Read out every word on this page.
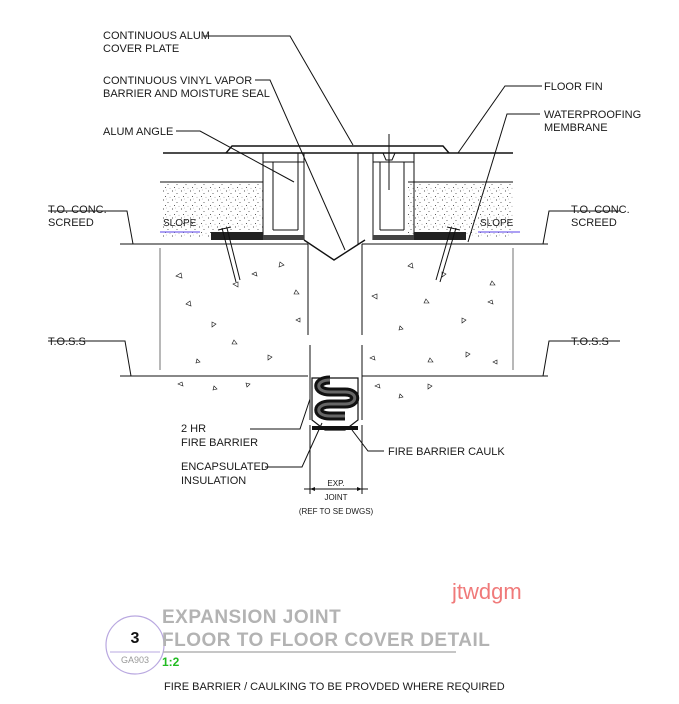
SLOPE	SLOPE
CONTINUOUS ALUM
COVER PLATE
CONTINUOUS VINYL VAPOR
BARRIER AND MOISTURE SEAL
ALUM ANGLE
FLOOR FIN
WATERPROOFING
MEMBRANE
T.O. CONC.
SCREED
T.O. CONC.
SCREED
T.O.S.S	T.O.S.S
2 HR
FIRE BARRIER
ENCAPSULATED
INSULATION
FIRE BARRIER CAULK
EXP.
JOINT
(REF TO SE DWGS)
jtwdgm
EXPANSION JOINT
FLOOR TO FLOOR COVER DETAIL
3
GA903 1:2
FIRE BARRIER / CAULKING TO BE PROVDED WHERE REQUIRED
